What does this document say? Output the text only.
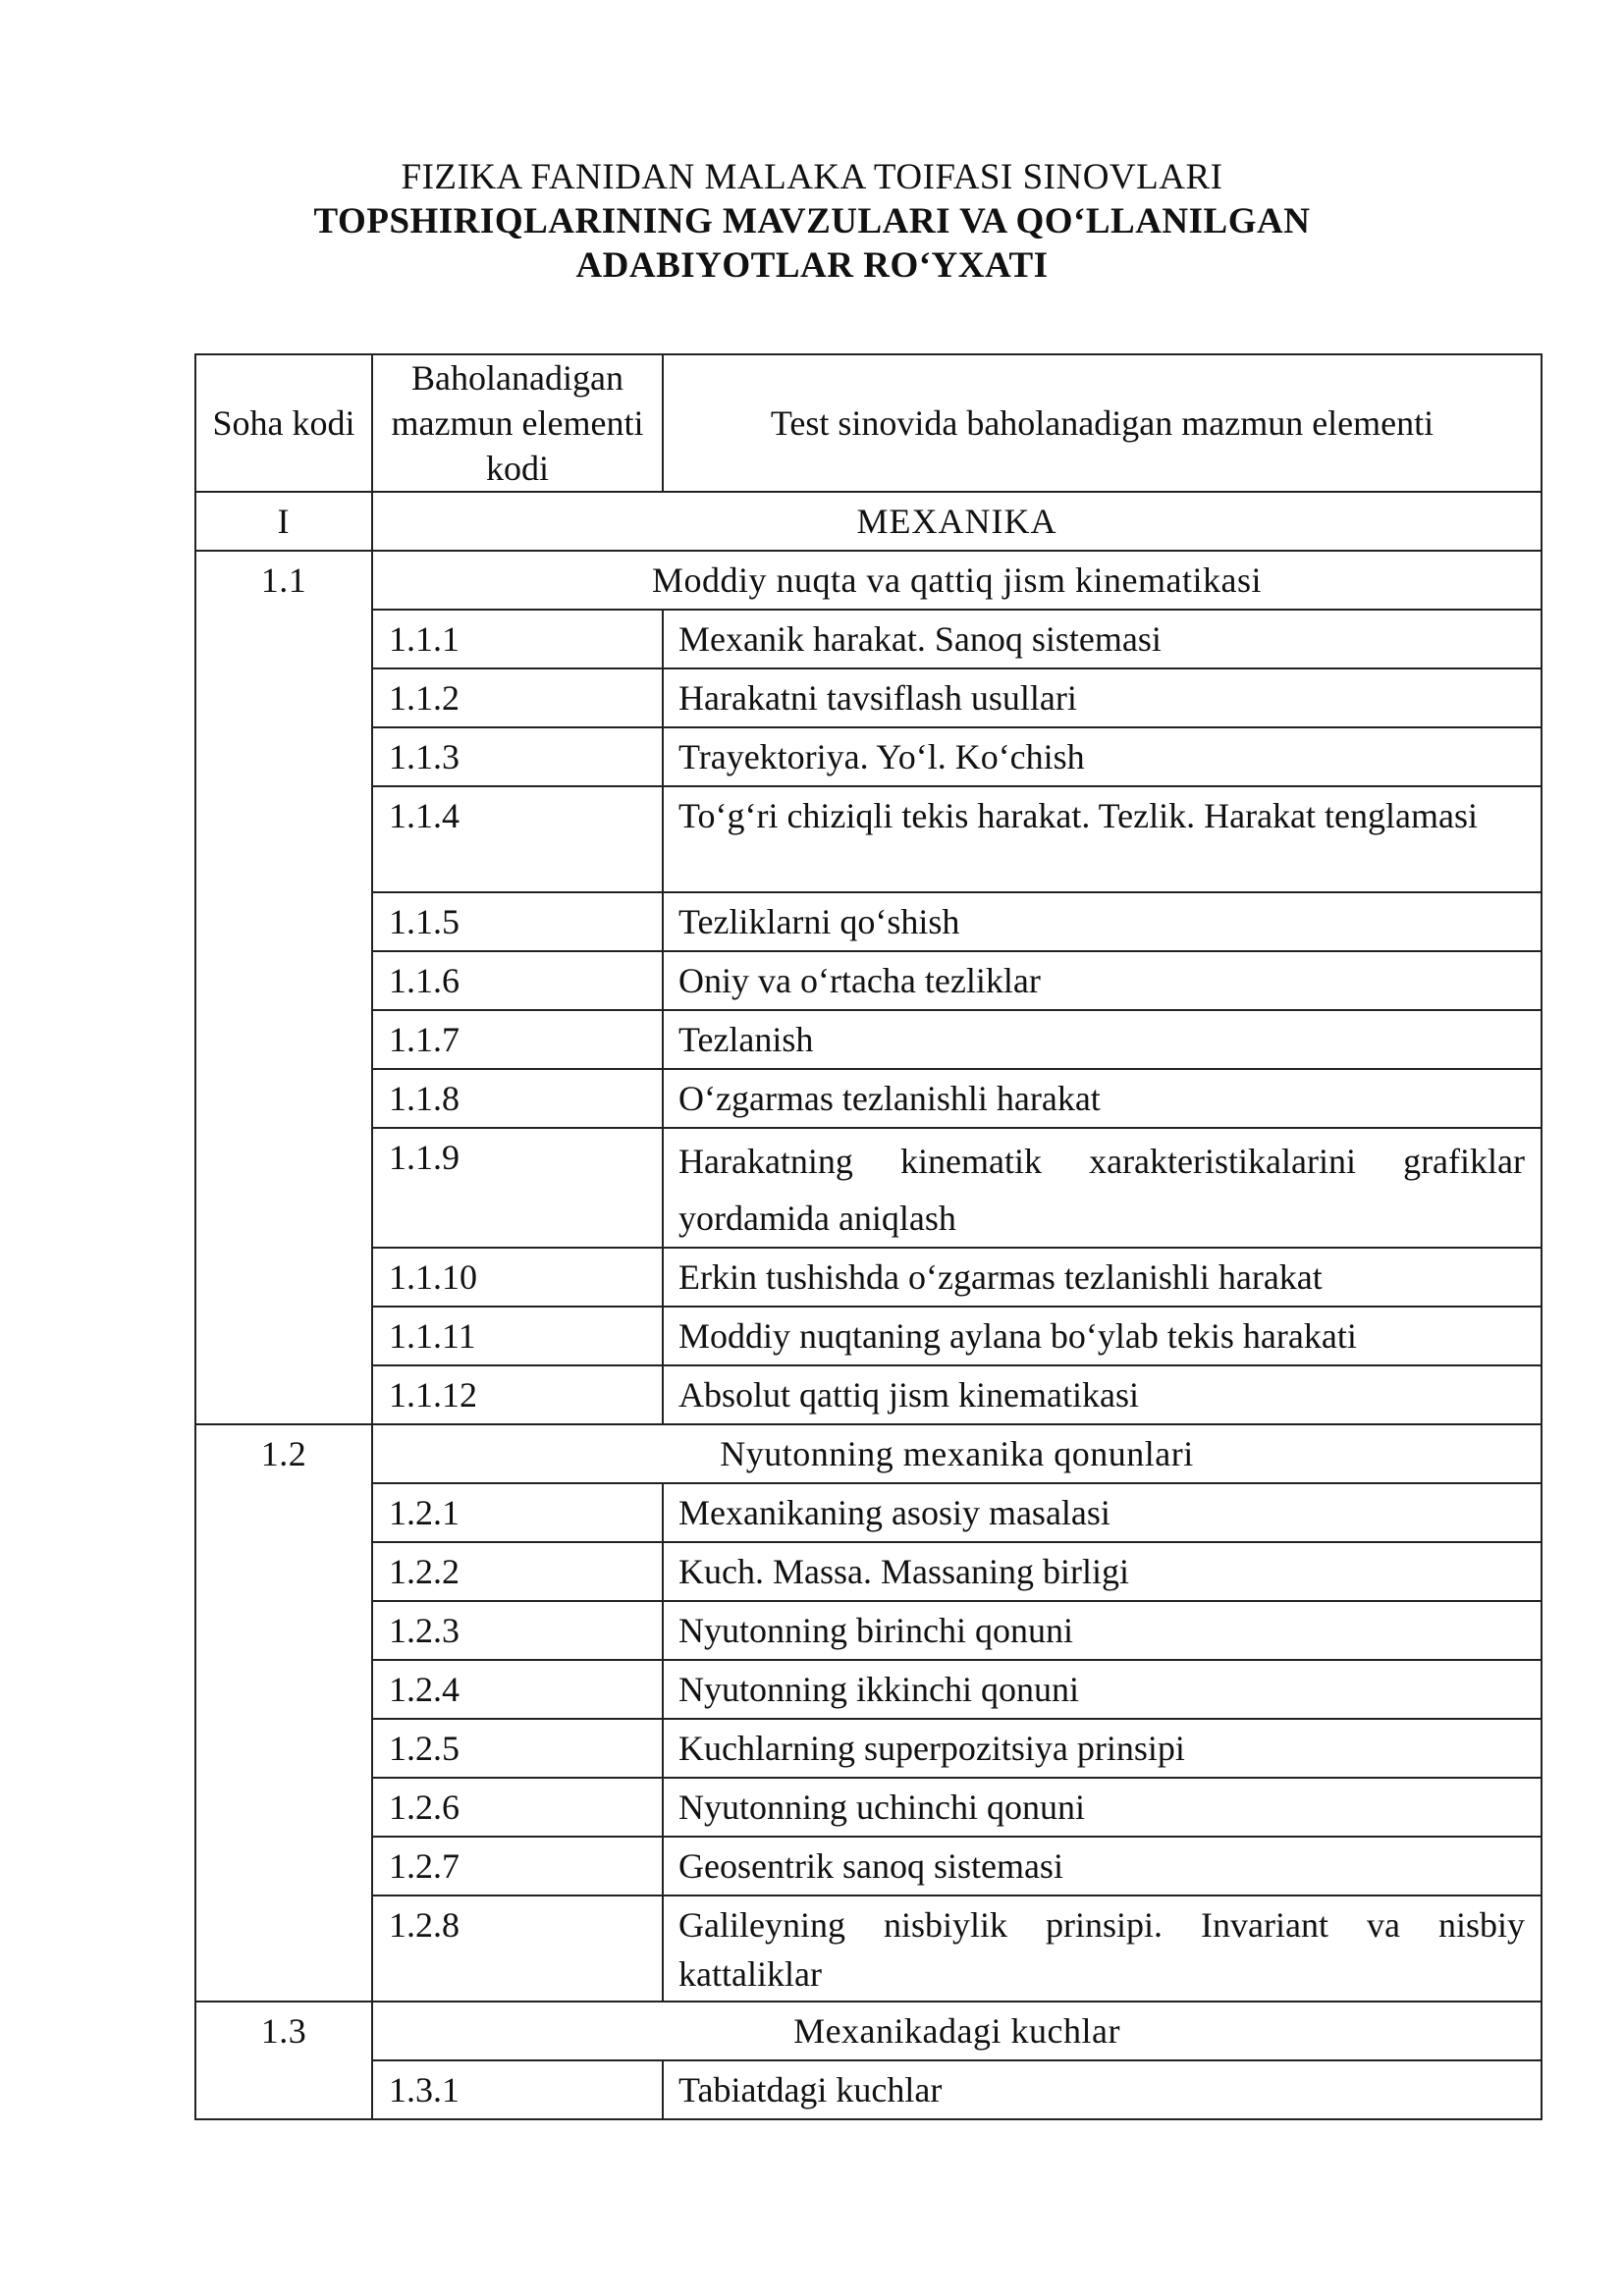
FIZIKA FANIDAN MALAKA TOIFASI SINOVLARI
TOPSHIRIQLARINING MAVZULARI VA QO‘LLANILGAN
ADABIYOTLAR RO‘YXATI
Soha kodi	Baholanadigan mazmun elementi kodi	Test sinovida baholanadigan mazmun elementi
I	MEXANIKA	
1.1	Moddiy nuqta va qattiq jism kinematikasi	
	1.1.1	Mexanik harakat. Sanoq sistemasi
	1.1.2	Harakatni tavsiflash usullari
	1.1.3	Trayektoriya. Yo‘l. Ko‘chish
	1.1.4	To‘g‘ri chiziqli tekis harakat. Tezlik. Harakat tenglamasi
	1.1.5	Tezliklarni qo‘shish
	1.1.6	Oniy va o‘rtacha tezliklar
	1.1.7	Tezlanish
	1.1.8	O‘zgarmas tezlanishli harakat
	1.1.9	Harakatning kinematik xarakteristikalarini grafiklar yordamida aniqlash
	1.1.10	Erkin tushishda o‘zgarmas tezlanishli harakat
	1.1.11	Moddiy nuqtaning aylana bo‘ylab tekis harakati
	1.1.12	Absolut qattiq jism kinematikasi
1.2	Nyutonning mexanika qonunlari	
	1.2.1	Mexanikaning asosiy masalasi
	1.2.2	Kuch. Massa. Massaning birligi
	1.2.3	Nyutonning birinchi qonuni
	1.2.4	Nyutonning ikkinchi qonuni
	1.2.5	Kuchlarning superpozitsiya prinsipi
	1.2.6	Nyutonning uchinchi qonuni
	1.2.7	Geosentrik sanoq sistemasi
	1.2.8	Galileyning nisbiylik prinsipi. Invariant va nisbiy kattaliklar
1.3	Mexanikadagi kuchlar	
	1.3.1	Tabiatdagi kuchlar
